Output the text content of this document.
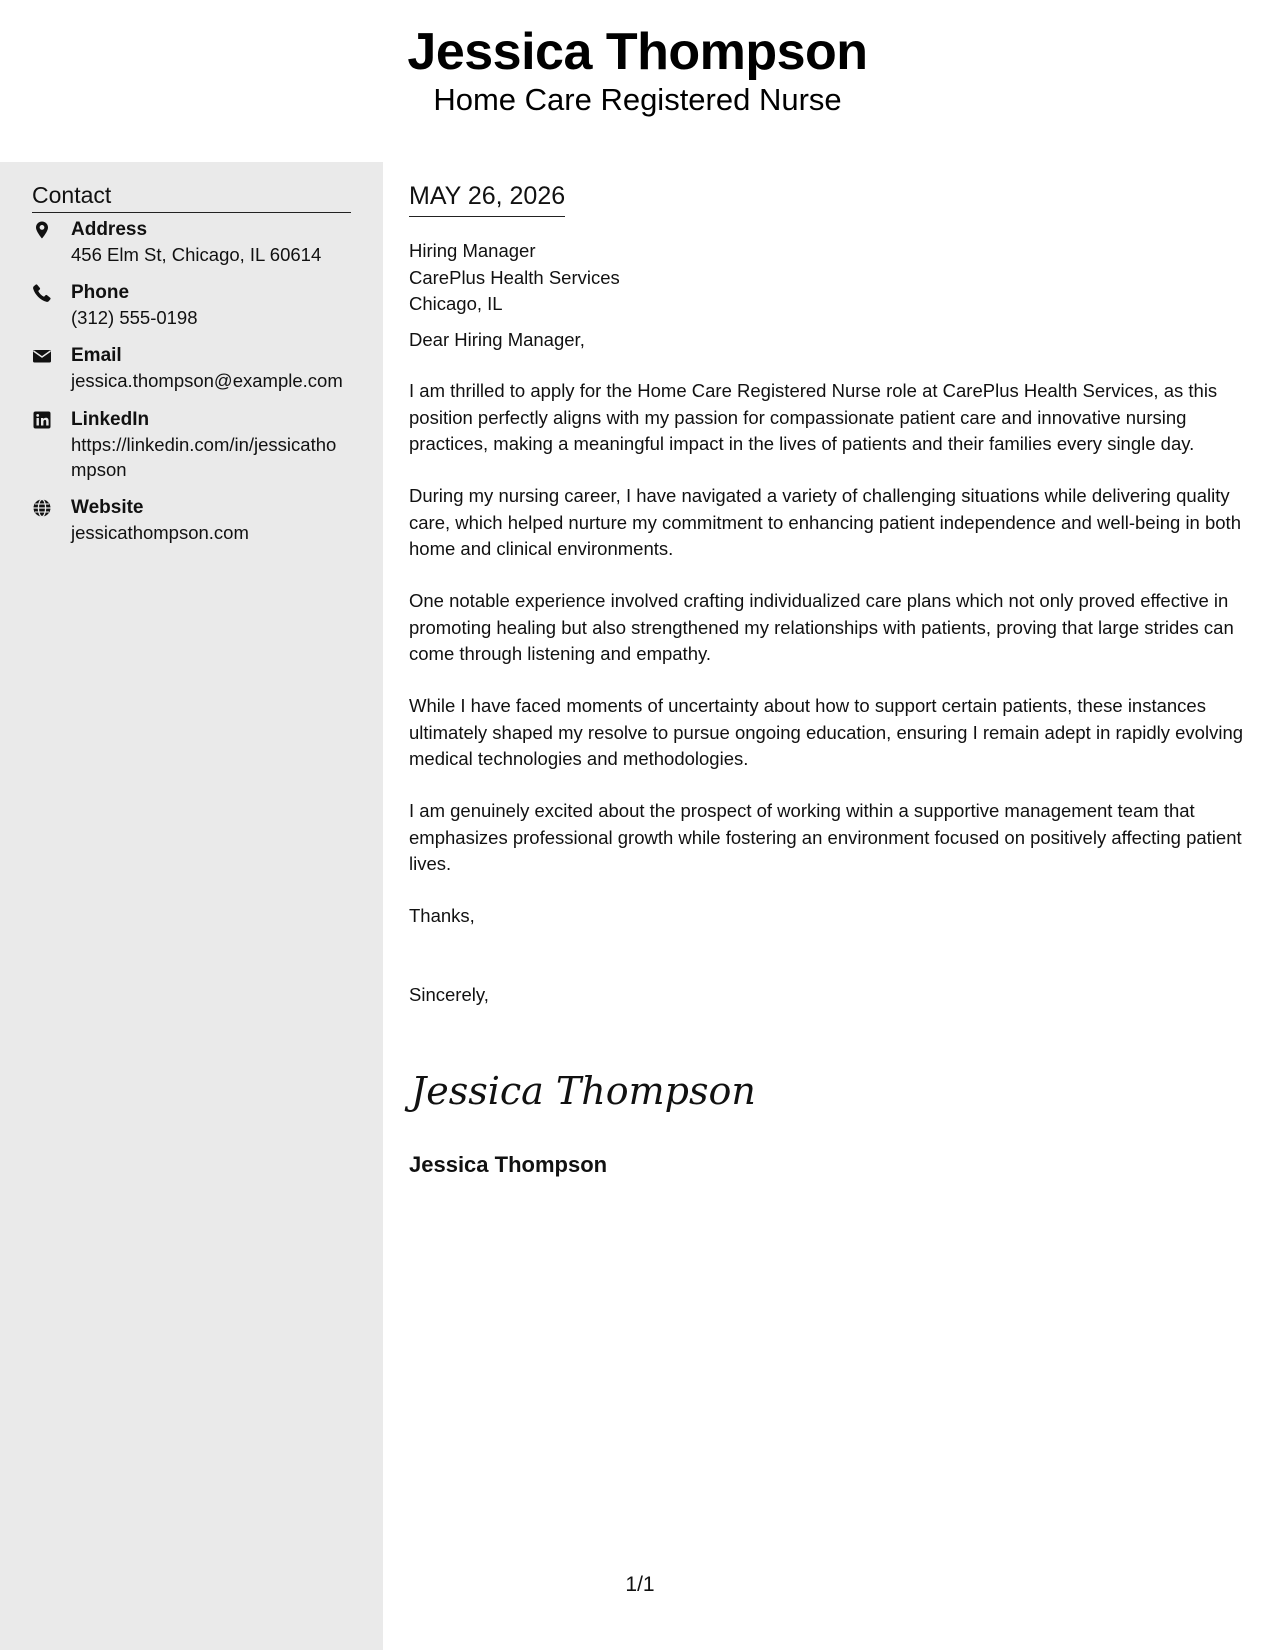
Jessica Thompson
Home Care Registered Nurse
Contact
Address
456 Elm St, Chicago, IL 60614
Phone
(312) 555-0198
Email
jessica.thompson@example.com
LinkedIn
https://linkedin.com/in/jessicathompson
Website
jessicathompson.com
MAY 26, 2026
Hiring Manager
CarePlus Health Services
Chicago, IL
Dear Hiring Manager,
I am thrilled to apply for the Home Care Registered Nurse role at CarePlus Health Services, as this position perfectly aligns with my passion for compassionate patient care and innovative nursing practices, making a meaningful impact in the lives of patients and their families every single day.
During my nursing career, I have navigated a variety of challenging situations while delivering quality care, which helped nurture my commitment to enhancing patient independence and well-being in both home and clinical environments.
One notable experience involved crafting individualized care plans which not only proved effective in promoting healing but also strengthened my relationships with patients, proving that large strides can come through listening and empathy.
While I have faced moments of uncertainty about how to support certain patients, these instances ultimately shaped my resolve to pursue ongoing education, ensuring I remain adept in rapidly evolving medical technologies and methodologies.
I am genuinely excited about the prospect of working within a supportive management team that emphasizes professional growth while fostering an environment focused on positively affecting patient lives.
Thanks,
Sincerely,
Jessica Thompson
Jessica Thompson
1/1
